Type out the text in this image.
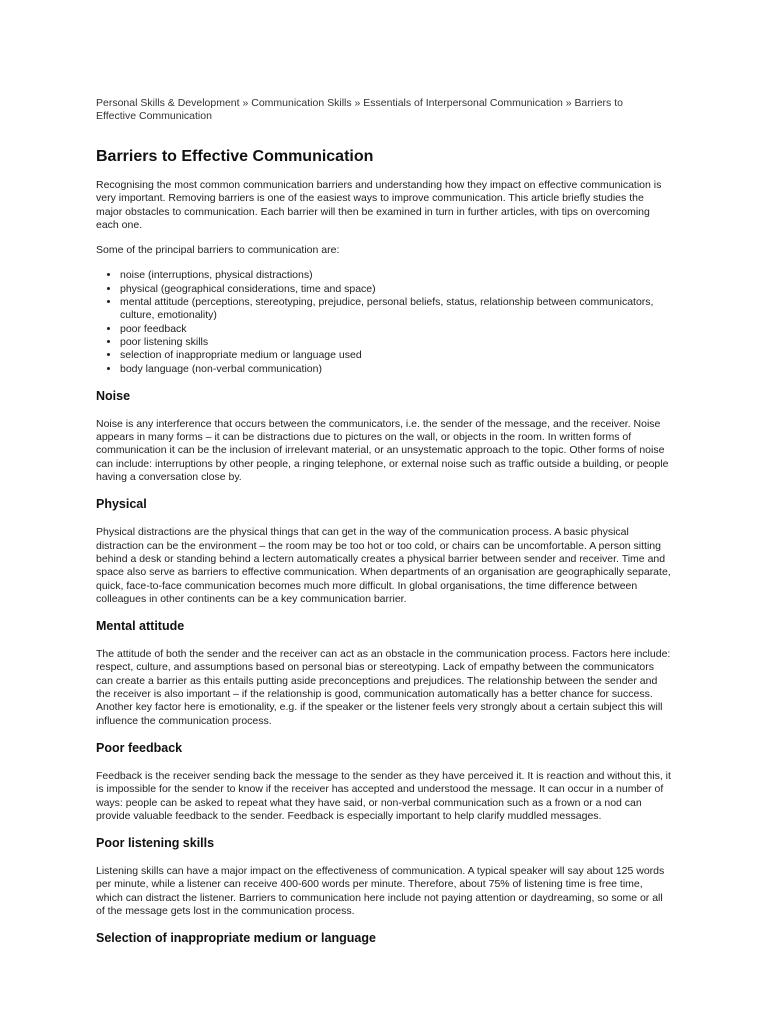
Personal Skills & Development » Communication Skills » Essentials of Interpersonal Communication » Barriers to Effective Communication
Barriers to Effective Communication

Recognising the most common communication barriers and understanding how they impact on effective communication is very important. Removing barriers is one of the easiest ways to improve communication. This article briefly studies the major obstacles to communication. Each barrier will then be examined in turn in further articles, with tips on overcoming each one.

Some of the principal barriers to communication are:

• noise (interruptions, physical distractions)
• physical (geographical considerations, time and space)
• mental attitude (perceptions, stereotyping, prejudice, personal beliefs, status, relationship between communicators, culture, emotionality)
• poor feedback
• poor listening skills
• selection of inappropriate medium or language used
• body language (non-verbal communication)
Noise

Noise is any interference that occurs between the communicators, i.e. the sender of the message, and the receiver. Noise appears in many forms – it can be distractions due to pictures on the wall, or objects in the room. In written forms of communication it can be the inclusion of irrelevant material, or an unsystematic approach to the topic. Other forms of noise can include: interruptions by other people, a ringing telephone, or external noise such as traffic outside a building, or people having a conversation close by.

Physical

Physical distractions are the physical things that can get in the way of the communication process. A basic physical distraction can be the environment – the room may be too hot or too cold, or chairs can be uncomfortable. A person sitting behind a desk or standing behind a lectern automatically creates a physical barrier between sender and receiver. Time and space also serve as barriers to effective communication. When departments of an organisation are geographically separate, quick, face-to-face communication becomes much more difficult. In global organisations, the time difference between colleagues in other continents can be a key communication barrier.

Mental attitude

The attitude of both the sender and the receiver can act as an obstacle in the communication process. Factors here include: respect, culture, and assumptions based on personal bias or stereotyping. Lack of empathy between the communicators can create a barrier as this entails putting aside preconceptions and prejudices. The relationship between the sender and the receiver is also important – if the relationship is good, communication automatically has a better chance for success. Another key factor here is emotionality, e.g. if the speaker or the listener feels very strongly about a certain subject this will influence the communication process.

Poor feedback

Feedback is the receiver sending back the message to the sender as they have perceived it. It is reaction and without this, it is impossible for the sender to know if the receiver has accepted and understood the message. It can occur in a number of ways: people can be asked to repeat what they have said, or non-verbal communication such as a frown or a nod can provide valuable feedback to the sender. Feedback is especially important to help clarify muddled messages.

Poor listening skills

Listening skills can have a major impact on the effectiveness of communication. A typical speaker will say about 125 words per minute, while a listener can receive 400-600 words per minute. Therefore, about 75% of listening time is free time, which can distract the listener. Barriers to communication here include not paying attention or daydreaming, so some or all of the message gets lost in the communication process.

Selection of inappropriate medium or language
